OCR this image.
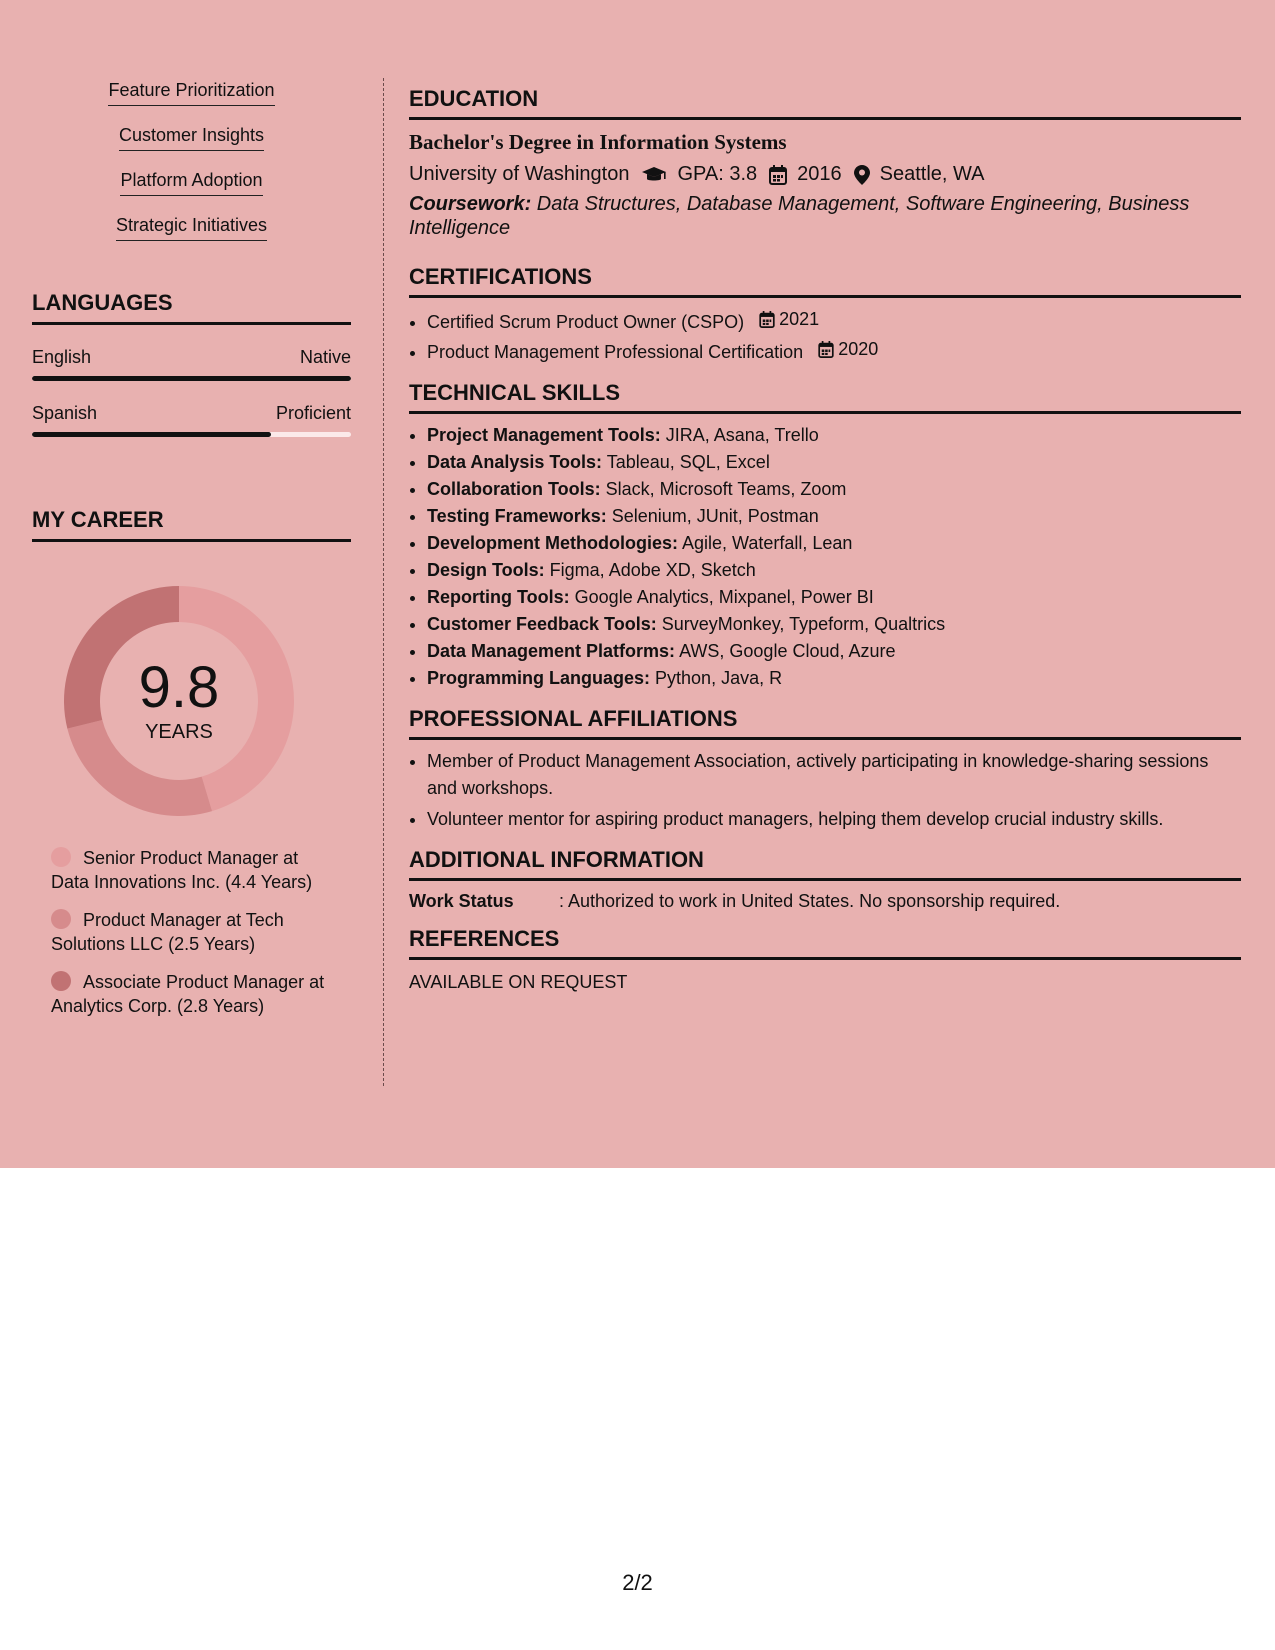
Feature Prioritization
Customer Insights
Platform Adoption
Strategic Initiatives
LANGUAGES
English	Native
Spanish	Proficient
MY CAREER
9.8
YEARS
Senior Product Manager at Data Innovations Inc. (4.4 Years)
Product Manager at Tech Solutions LLC (2.5 Years)
Associate Product Manager at Analytics Corp. (2.8 Years)
EDUCATION
Bachelor's Degree in Information Systems
University of Washington GPA: 3.8 2016 Seattle, WA
Coursework: Data Structures, Database Management, Software Engineering, Business Intelligence
CERTIFICATIONS
• Certified Scrum Product Owner (CSPO) 2021
• Product Management Professional Certification 2020
TECHNICAL SKILLS
• Project Management Tools: JIRA, Asana, Trello
• Data Analysis Tools: Tableau, SQL, Excel
• Collaboration Tools: Slack, Microsoft Teams, Zoom
• Testing Frameworks: Selenium, JUnit, Postman
• Development Methodologies: Agile, Waterfall, Lean
• Design Tools: Figma, Adobe XD, Sketch
• Reporting Tools: Google Analytics, Mixpanel, Power BI
• Customer Feedback Tools: SurveyMonkey, Typeform, Qualtrics
• Data Management Platforms: AWS, Google Cloud, Azure
• Programming Languages: Python, Java, R
PROFESSIONAL AFFILIATIONS
• Member of Product Management Association, actively participating in knowledge-sharing sessions and workshops.
• Volunteer mentor for aspiring product managers, helping them develop crucial industry skills.
ADDITIONAL INFORMATION
Work Status	: Authorized to work in United States. No sponsorship required.
REFERENCES
AVAILABLE ON REQUEST
2/2
